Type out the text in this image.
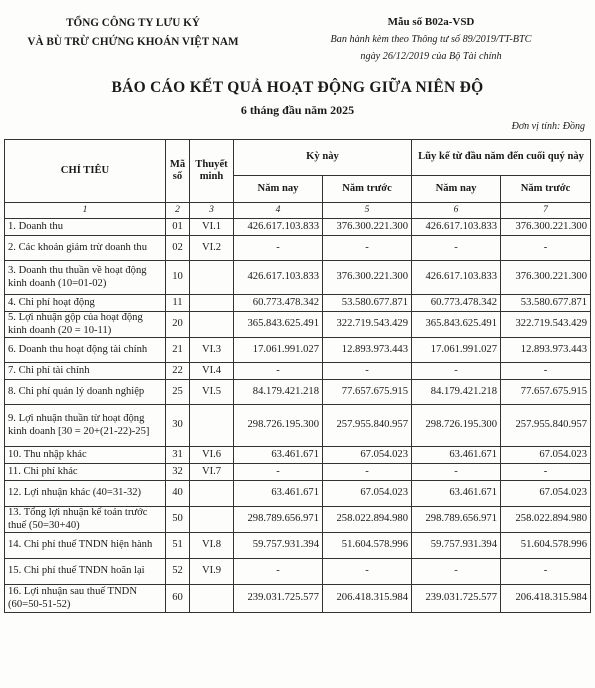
TỔNG CÔNG TY LƯU KÝ
VÀ BÙ TRỪ CHỨNG KHOÁN VIỆT NAM
Mẫu số B02a-VSD
Ban hành kèm theo Thông tư số 89/2019/TT-BTC
ngày 26/12/2019 của Bộ Tài chính
BÁO CÁO KẾT QUẢ HOẠT ĐỘNG GIỮA NIÊN ĐỘ
6 tháng đầu năm 2025
Đơn vị tính: Đồng
CHỈ TIÊU	Mã số	Thuyết minh	Kỳ này		Lũy kế từ đầu năm đến cuối quý này	
			Năm nay	Năm trước	Năm nay	Năm trước
1	2	3	4	5	6	7
1. Doanh thu	01	VI.1	426.617.103.833	376.300.221.300	426.617.103.833	376.300.221.300
2. Các khoản giảm trừ doanh thu	02	VI.2	-	-	-	-
3. Doanh thu thuần về hoạt động kinh doanh (10=01-02)	10		426.617.103.833	376.300.221.300	426.617.103.833	376.300.221.300
4. Chi phí hoạt động	11		60.773.478.342	53.580.677.871	60.773.478.342	53.580.677.871
5. Lợi nhuận gộp của hoạt động kinh doanh (20 = 10-11)	20		365.843.625.491	322.719.543.429	365.843.625.491	322.719.543.429
6. Doanh thu hoạt động tài chính	21	VI.3	17.061.991.027	12.893.973.443	17.061.991.027	12.893.973.443
7. Chi phí tài chính	22	VI.4	-	-	-	-
8. Chi phí quản lý doanh nghiệp	25	VI.5	84.179.421.218	77.657.675.915	84.179.421.218	77.657.675.915
9. Lợi nhuận thuần từ hoạt động kinh doanh [30 = 20+(21-22)-25]	30		298.726.195.300	257.955.840.957	298.726.195.300	257.955.840.957
10. Thu nhập khác	31	VI.6	63.461.671	67.054.023	63.461.671	67.054.023
11. Chi phí khác	32	VI.7	-	-	-	-
12. Lợi nhuận khác (40=31-32)	40		63.461.671	67.054.023	63.461.671	67.054.023
13. Tổng lợi nhuận kế toán trước thuế (50=30+40)	50		298.789.656.971	258.022.894.980	298.789.656.971	258.022.894.980
14. Chi phí thuế TNDN hiện hành	51	VI.8	59.757.931.394	51.604.578.996	59.757.931.394	51.604.578.996
15. Chi phí thuế TNDN hoãn lại	52	VI.9	-	-	-	-
16. Lợi nhuận sau thuế TNDN (60=50-51-52)	60		239.031.725.577	206.418.315.984	239.031.725.577	206.418.315.984
